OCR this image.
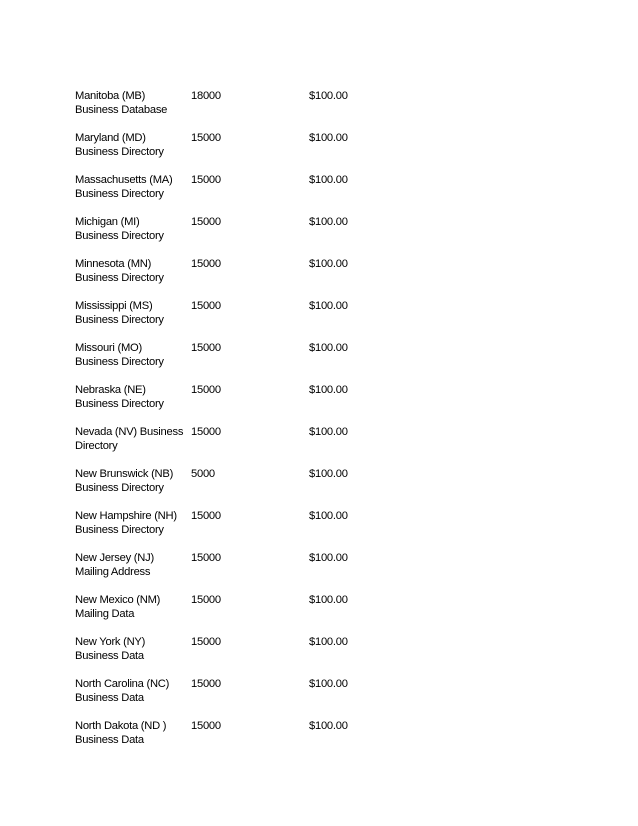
Manitoba (MB)
Business Database
18000	$100.00
Maryland (MD)
Business Directory
15000	$100.00
Massachusetts (MA)
Business Directory
15000	$100.00
Michigan (MI)
Business Directory
15000	$100.00
Minnesota (MN)
Business Directory
15000	$100.00
Mississippi (MS)
Business Directory
15000	$100.00
Missouri (MO)
Business Directory
15000	$100.00
Nebraska (NE)
Business Directory
15000	$100.00
Nevada (NV) Business
Directory
15000	$100.00
New Brunswick (NB)
Business Directory
5000	$100.00
New Hampshire (NH)
Business Directory
15000	$100.00
New Jersey (NJ)
Mailing Address
15000	$100.00
New Mexico (NM)
Mailing Data
15000	$100.00
New York (NY)
Business Data
15000	$100.00
North Carolina (NC)
Business Data
15000	$100.00
North Dakota (ND )
Business Data
15000	$100.00
